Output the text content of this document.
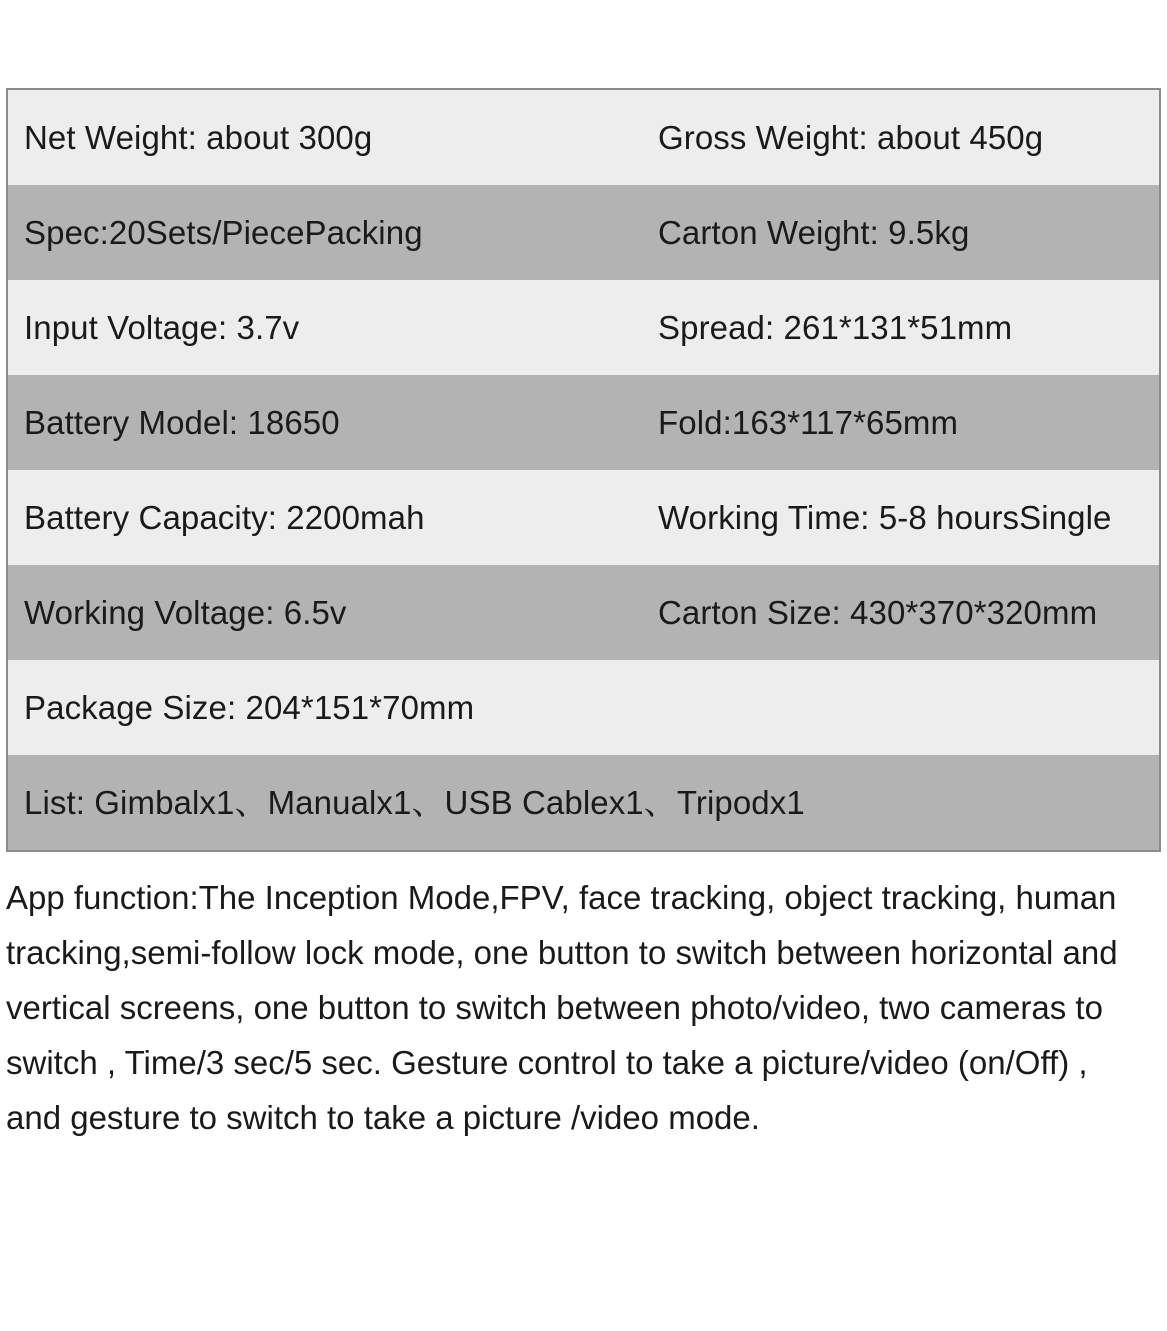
Net Weight: about 300g	Gross Weight: about 450g
Spec:20Sets/PiecePacking	Carton Weight: 9.5kg
Input Voltage: 3.7v	Spread: 261*131*51mm
Battery Model: 18650	Fold:163*117*65mm
Battery Capacity: 2200mah	Working Time: 5-8 hoursSingle
Working Voltage: 6.5v	Carton Size: 430*370*320mm
Package Size: 204*151*70mm
List: Gimbalx1、Manualx1、USB Cablex1、Tripodx1
App function:The Inception Mode,FPV, face tracking, object tracking, human tracking,semi-follow lock mode, one button to switch between horizontal and vertical screens, one button to switch between photo/video, two cameras to switch , Time/3 sec/5 sec. Gesture control to take a picture/video (on/Off) , and gesture to switch to take a picture /video mode.
